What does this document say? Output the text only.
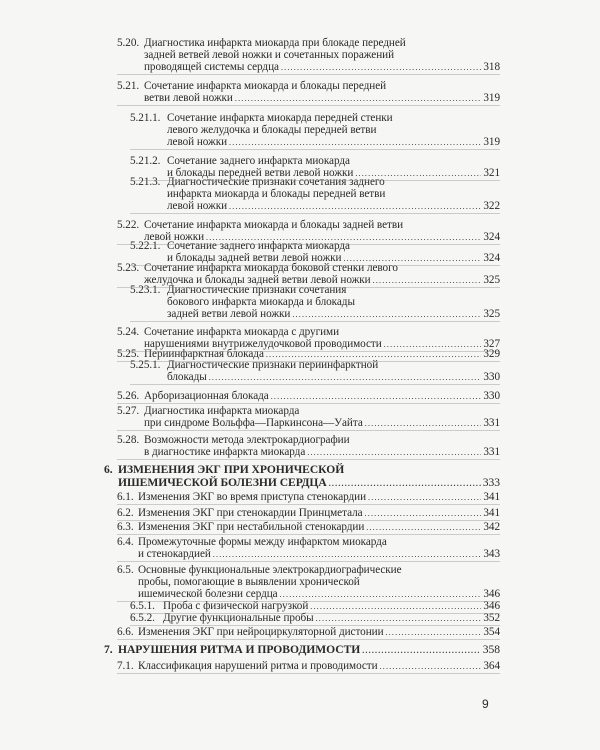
5.20. Диагностика инфаркта миокарда при блокаде передней
задней ветвей левой ножки и сочетанных поражений
проводящей системы сердца . . .	318
5.21. Сочетание инфаркта миокарда и блокады передней
ветви левой ножки . . .	319
5.21.1. Сочетание инфаркта миокарда передней стенки
левого желудочка и блокады передней ветви
левой ножки . . .	319
5.21.2. Сочетание заднего инфаркта миокарда
и блокады передней ветви левой ножки . . .	321
5.21.3. Диагностические признаки сочетания заднего
инфаркта миокарда и блокады передней ветви
левой ножки . . .	322
5.22. Сочетание инфаркта миокарда и блокады задней ветви
левой ножки . . .	324
5.22.1. Сочетание заднего инфаркта миокарда
и блокады задней ветви левой ножки . . .	324
5.23. Сочетание инфаркта миокарда боковой стенки левого
желудочка и блокады задней ветви левой ножки . . .	325
5.23.1. Диагностические признаки сочетания
бокового инфаркта миокарда и блокады
задней ветви левой ножки . . .	325
5.24. Сочетание инфаркта миокарда с другими
нарушениями внутрижелудочковой проводимости . . .	327
5.25. Периинфарктная блокада . . .	329
5.25.1. Диагностические признаки периинфарктной
блокады . . .	330
5.26. Арборизационная блокада . . .	330
5.27. Диагностика инфаркта миокарда
при синдроме Вольффа—Паркинсона—Уайта . . .	331
5.28. Возможности метода электрокардиографии
в диагностике инфаркта миокарда . . .	331
6. ИЗМЕНЕНИЯ ЭКГ ПРИ ХРОНИЧЕСКОЙ
ИШЕМИЧЕСКОЙ БОЛЕЗНИ СЕРДЦА . . .	333
6.1. Изменения ЭКГ во время приступа стенокардии . . .	341
6.2. Изменения ЭКГ при стенокардии Принцметала . . .	341
6.3. Изменения ЭКГ при нестабильной стенокардии . . .	342
6.4. Промежуточные формы между инфарктом миокарда
и стенокардией . . .	343
6.5. Основные функциональные электрокардиографические
пробы, помогающие в выявлении хронической
ишемической болезни сердца . . .	346
6.5.1. Проба с физической нагрузкой . . .	346
6.5.2. Другие функциональные пробы . . .	352
6.6. Изменения ЭКГ при нейроциркуляторной дистонии . . .	354
7. НАРУШЕНИЯ РИТМА И ПРОВОДИМОСТИ . . .	358
7.1. Классификация нарушений ритма и проводимости . . .	364
9
